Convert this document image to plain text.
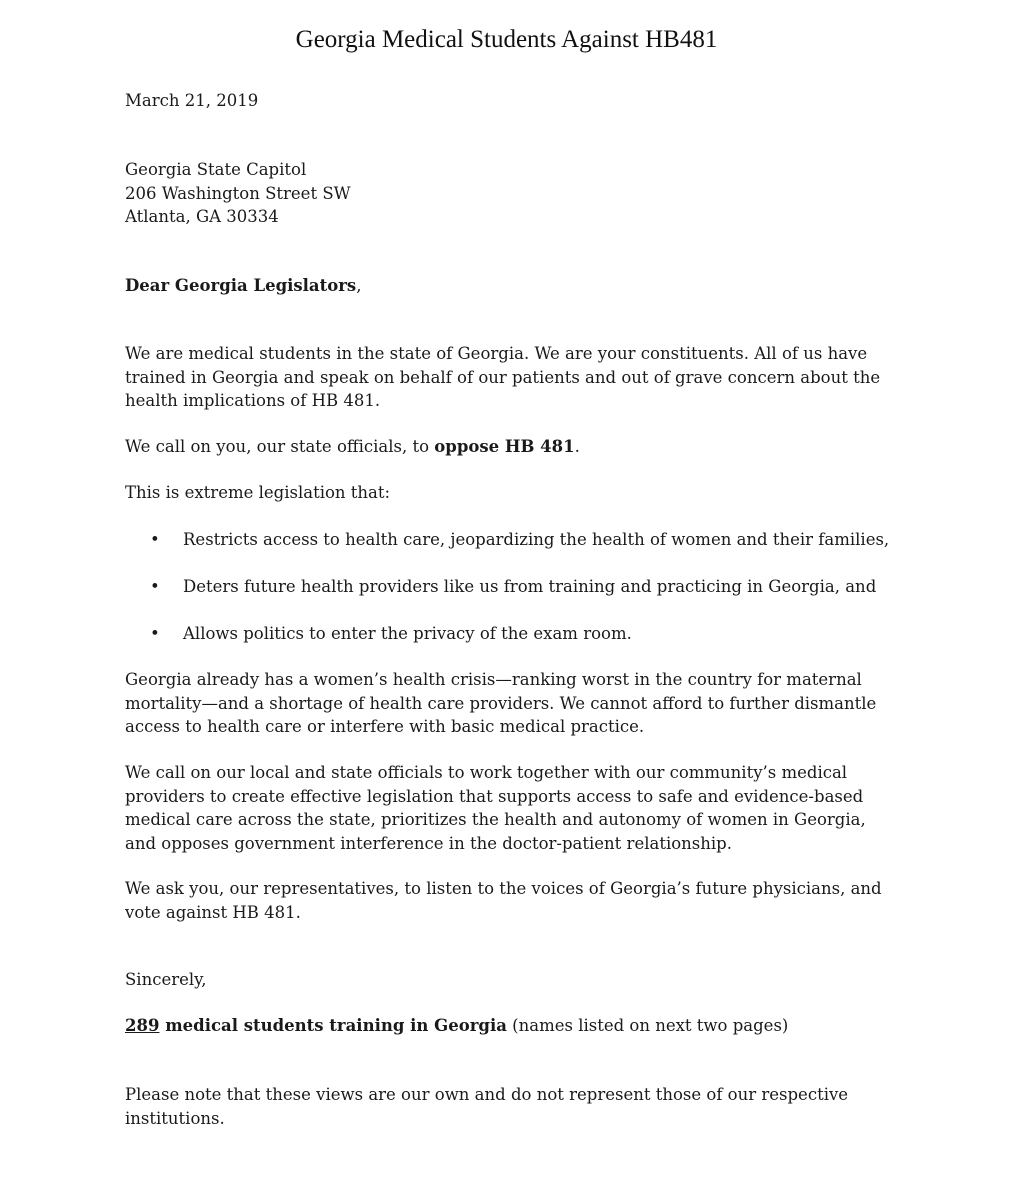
Georgia Medical Students Against HB481
March 21, 2019
Georgia State Capitol
206 Washington Street SW
Atlanta, GA 30334
Dear Georgia Legislators,
We are medical students in the state of Georgia. We are your constituents. All of us have
trained in Georgia and speak on behalf of our patients and out of grave concern about the
health implications of HB 481.
We call on you, our state officials, to oppose HB 481.
This is extreme legislation that:
•	Restricts access to health care, jeopardizing the health of women and their families,
•	Deters future health providers like us from training and practicing in Georgia, and
•	Allows politics to enter the privacy of the exam room.
Georgia already has a women’s health crisis—ranking worst in the country for maternal
mortality—and a shortage of health care providers. We cannot afford to further dismantle
access to health care or interfere with basic medical practice.
We call on our local and state officials to work together with our community’s medical
providers to create effective legislation that supports access to safe and evidence-based
medical care across the state, prioritizes the health and autonomy of women in Georgia,
and opposes government interference in the doctor-patient relationship.
We ask you, our representatives, to listen to the voices of Georgia’s future physicians, and
vote against HB 481.
Sincerely,
289 medical students training in Georgia (names listed on next two pages)
Please note that these views are our own and do not represent those of our respective
institutions.
